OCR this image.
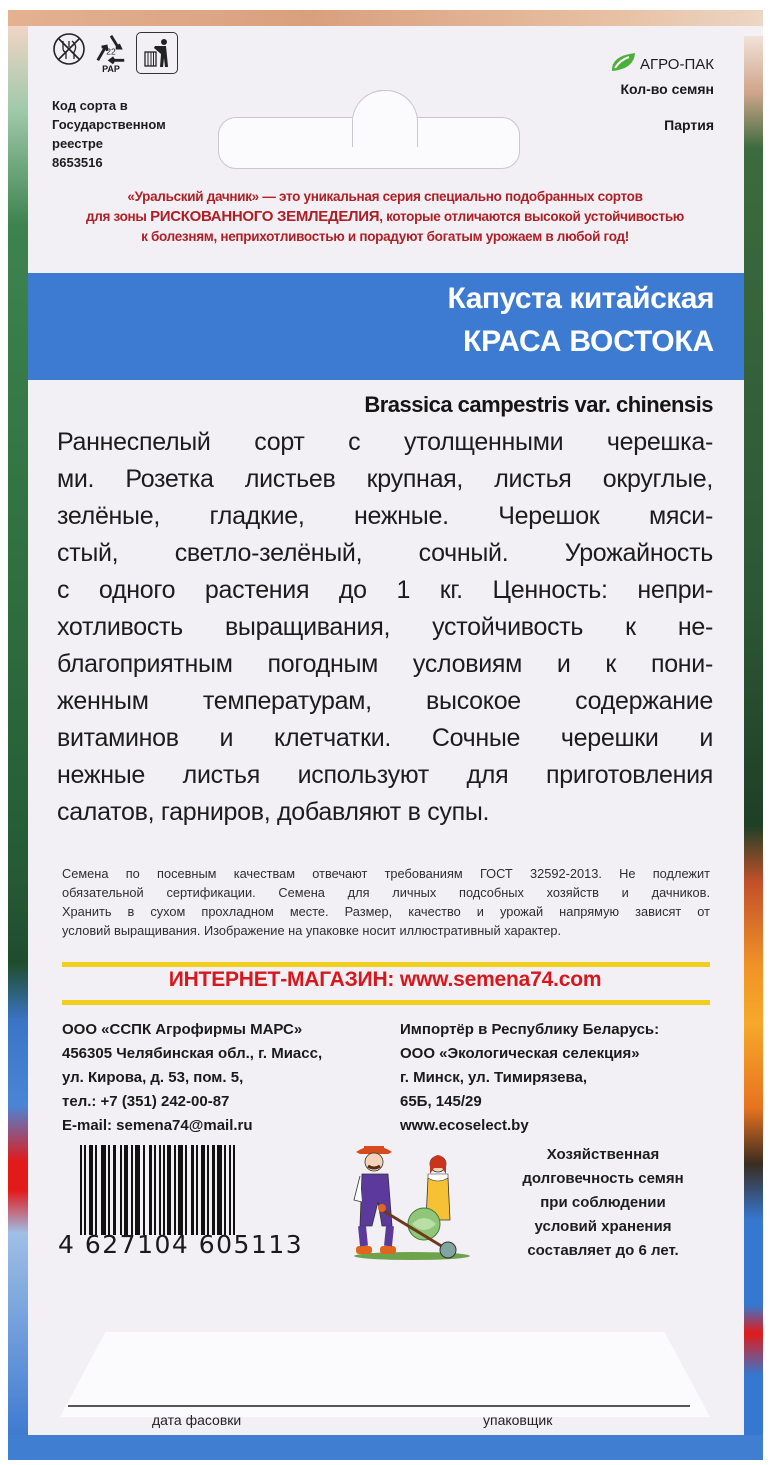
22
PAP
Код сорта в
Государственном
реестре
8653516
АГРО-ПАК
Кол-во семян
Партия
«Уральский дачник» — это уникальная серия специально подобранных сортов
для зоны РИСКОВАННОГО ЗЕМЛЕДЕЛИЯ, которые отличаются высокой устойчивостью
к болезням, неприхотливостью и порадуют богатым урожаем в любой год!
Капуста китайская
КРАСА ВОСТОКА
Brassica campestris var. chinensis
Раннеспелый сорт с утолщенными черешка-
ми. Розетка листьев крупная, листья округлые,
зелёные, гладкие, нежные. Черешок мяси-
стый, светло-зелёный, сочный. Урожайность
с одного растения до 1 кг. Ценность: непри-
хотливость выращивания, устойчивость к не-
благоприятным погодным условиям и к пони-
женным температурам, высокое содержание
витаминов и клетчатки. Сочные черешки и
нежные листья используют для приготовления
салатов, гарниров, добавляют в супы.
Семена по посевным качествам отвечают требованиям ГОСТ 32592-2013. Не подлежит
обязательной сертификации. Семена для личных подсобных хозяйств и дачников.
Хранить в сухом прохладном месте. Размер, качество и урожай напрямую зависят от
условий выращивания. Изображение на упаковке носит иллюстративный характер.
ИНТЕРНЕТ-МАГАЗИН: www.semena74.com
ООО «ССПК Агрофирмы МАРС»
456305 Челябинская обл., г. Миасс,
ул. Кирова, д. 53, пом. 5,
тел.: +7 (351) 242-00-87
E-mail: semena74@mail.ru
Импортёр в Республику Беларусь:
ООО «Экологическая селекция»
г. Минск, ул. Тимирязева,
65Б, 145/29
www.ecoselect.by
4 627104 605113
Хозяйственная
долговечность семян
при соблюдении
условий хранения
составляет до 6 лет.
дата фасовки	упаковщик
